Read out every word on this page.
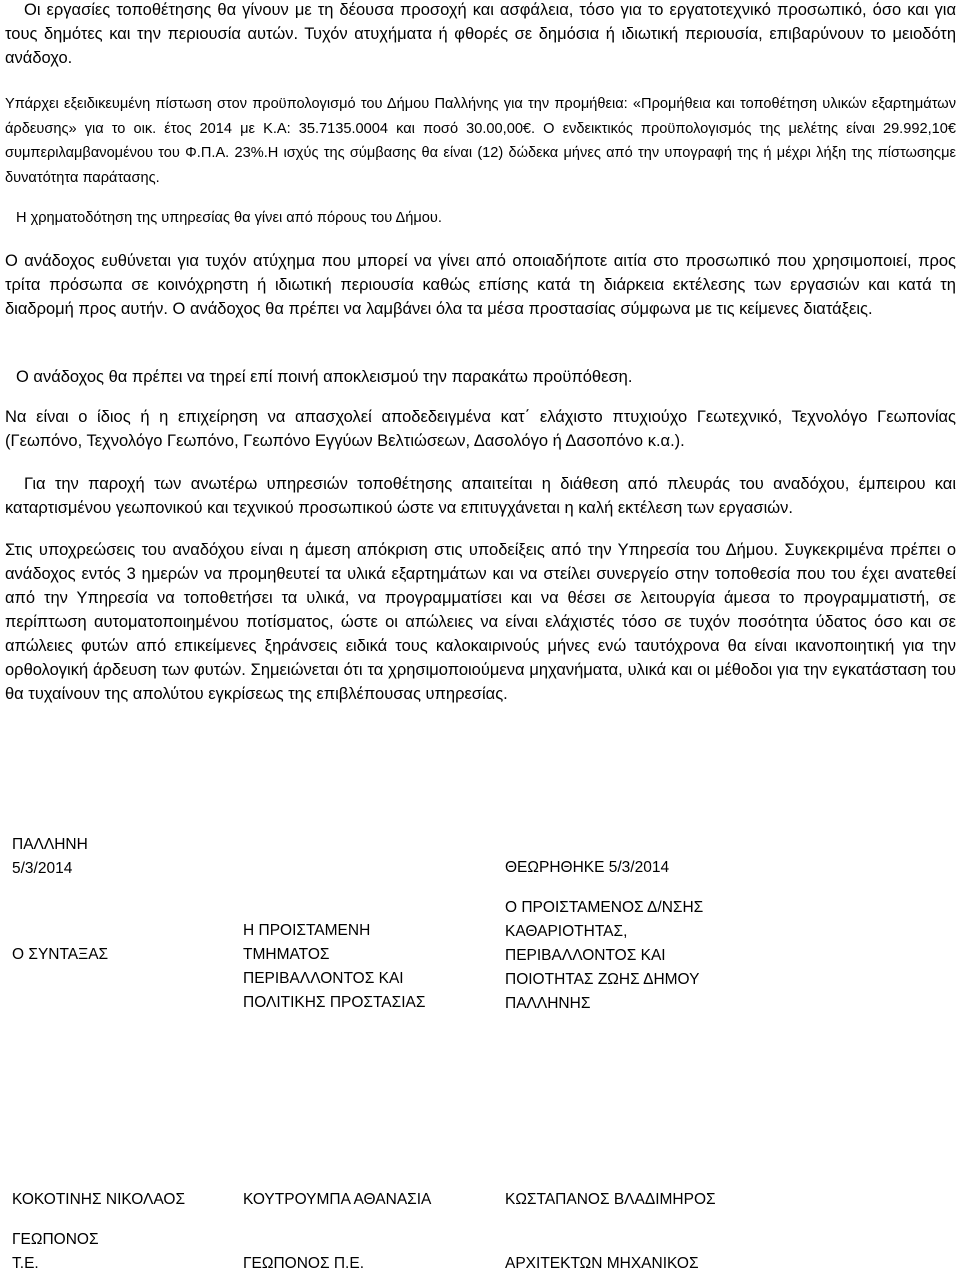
Οι εργασίες τοποθέτησης θα γίνουν με τη δέουσα προσοχή και ασφάλεια, τόσο για το εργατοτεχνικό προσωπικό, όσο και για τους δημότες και την περιουσία αυτών. Τυχόν ατυχήματα ή φθορές σε δημόσια ή ιδιωτική περιουσία, επιβαρύνουν το μειοδότη ανάδοχο.

Υπάρχει εξειδικευμένη πίστωση στον προϋπολογισμό του Δήμου Παλλήνης για την προμήθεια: «Προμήθεια και τοποθέτηση υλικών εξαρτημάτων άρδευσης» για το οικ. έτος 2014 με Κ.Α: 35.7135.0004 και ποσό 30.00,00€. Ο ενδεικτικός προϋπολογισμός της μελέτης είναι 29.992,10€ συμπεριλαμβανομένου του Φ.Π.Α. 23%.Η ισχύς της σύμβασης θα είναι (12) δώδεκα μήνες από την υπογραφή της ή μέχρι λήξη της πίστωσηςμε δυνατότητα παράτασης.

Η χρηματοδότηση της υπηρεσίας θα γίνει από πόρους του Δήμου.

Ο ανάδοχος ευθύνεται για τυχόν ατύχημα που μπορεί να γίνει από οποιαδήποτε αιτία στο προσωπικό που χρησιμοποιεί, προς τρίτα πρόσωπα σε κοινόχρηστη ή ιδιωτική περιουσία καθώς επίσης κατά τη διάρκεια εκτέλεσης των εργασιών και κατά τη διαδρομή προς αυτήν. Ο ανάδοχος θα πρέπει να λαμβάνει όλα τα μέσα προστασίας σύμφωνα με τις κείμενες διατάξεις.

Ο ανάδοχος θα πρέπει να τηρεί επί ποινή αποκλεισμού την παρακάτω προϋπόθεση.

Να είναι ο ίδιος ή η επιχείρηση να απασχολεί αποδεδειγμένα κατ΄ ελάχιστο πτυχιούχο Γεωτεχνικό, Τεχνολόγο Γεωπονίας (Γεωπόνο, Τεχνολόγο Γεωπόνο, Γεωπόνο Εγγύων Βελτιώσεων, Δασολόγο ή Δασοπόνο κ.α.).

Για την παροχή των ανωτέρω υπηρεσιών τοποθέτησης απαιτείται η διάθεση από πλευράς του αναδόχου, έμπειρου και καταρτισμένου γεωπονικού και τεχνικού προσωπικού ώστε να επιτυγχάνεται η καλή εκτέλεση των εργασιών.

Στις υποχρεώσεις του αναδόχου είναι η άμεση απόκριση στις υποδείξεις από την Υπηρεσία του Δήμου. Συγκεκριμένα πρέπει ο ανάδοχος εντός 3 ημερών να προμηθευτεί τα υλικά εξαρτημάτων και να στείλει συνεργείο στην τοποθεσία που του έχει ανατεθεί από την Υπηρεσία να τοποθετήσει τα υλικά, να προγραμματίσει και να θέσει σε λειτουργία άμεσα το προγραμματιστή, σε περίπτωση αυτοματοποιημένου ποτίσματος, ώστε οι απώλειες να είναι ελάχιστές τόσο σε τυχόν ποσότητα ύδατος όσο και σε απώλειες φυτών από επικείμενες ξηράνσεις ειδικά τους καλοκαιρινούς μήνες ενώ ταυτόχρονα θα είναι ικανοποιητική για την ορθολογική άρδευση των φυτών. Σημειώνεται ότι τα χρησιμοποιούμενα μηχανήματα, υλικά και οι μέθοδοι για την εγκατάσταση του θα τυχαίνουν της απολύτου εγκρίσεως της επιβλέπουσας υπηρεσίας.

ΠΑΛΛΗΝΗ

5/3/2014	ΘΕΩΡΗΘΗΚΕ 5/3/2014

Ο ΣΥΝΤΑΞΑΣ

Η ΠΡΟΙΣΤΑΜΕΝΗ

ΤΜΗΜΑΤΟΣ

ΠΕΡΙΒΑΛΛΟΝΤΟΣ ΚΑΙ

ΠΟΛΙΤΙΚΗΣ ΠΡΟΣΤΑΣΙΑΣ

Ο ΠΡΟΙΣΤΑΜΕΝΟΣ Δ/ΝΣΗΣ

ΚΑΘΑΡΙΟΤΗΤΑΣ,

ΠΕΡΙΒΑΛΛΟΝΤΟΣ ΚΑΙ

ΠΟΙΟΤΗΤΑΣ ΖΩΗΣ ΔΗΜΟΥ

ΠΑΛΛΗΝΗΣ

ΚΟΚΟΤΙΝΗΣ ΝΙΚΟΛΑΟΣ	ΚΟΥΤΡΟΥΜΠΑ ΑΘΑΝΑΣΙΑ	ΚΩΣΤΑΠΑΝΟΣ ΒΛΑΔΙΜΗΡΟΣ

ΓΕΩΠΟΝΟΣ

Τ.Ε.	ΓΕΩΠΟΝΟΣ Π.Ε.	ΑΡΧΙΤΕΚΤΩΝ ΜΗΧΑΝΙΚΟΣ
